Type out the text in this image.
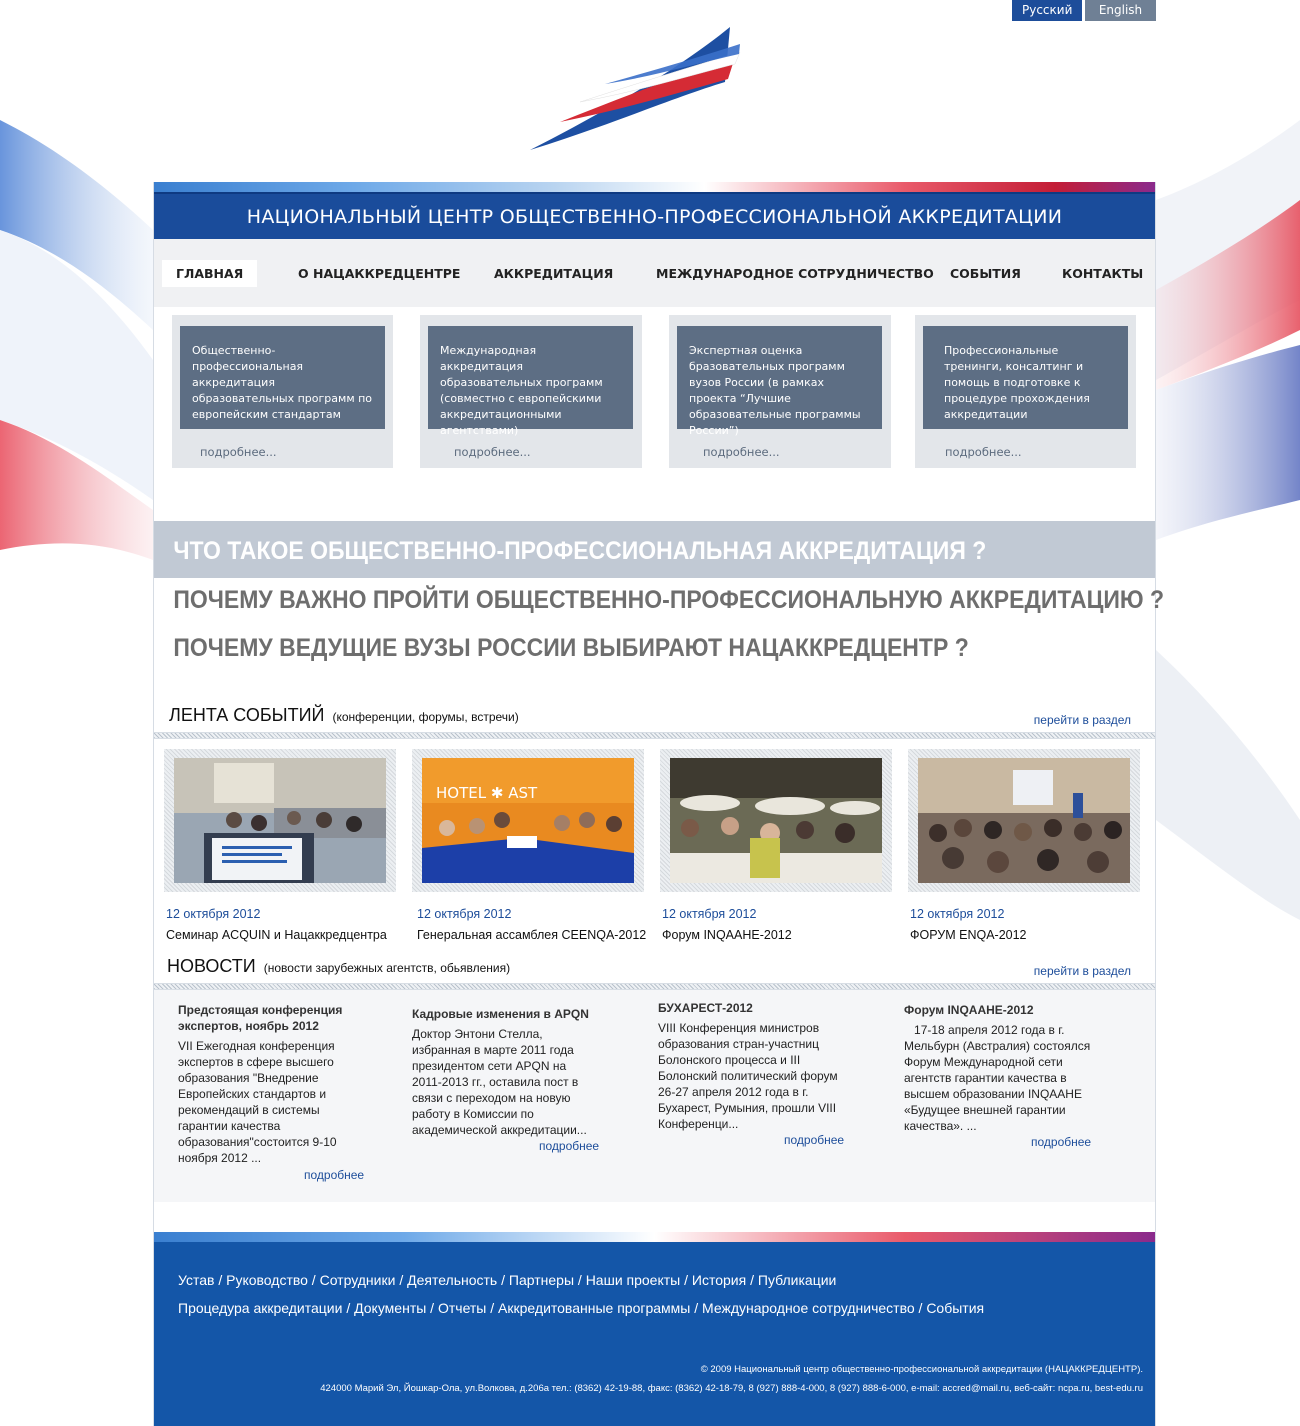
Русский	English
НАЦИОНАЛЬНЫЙ ЦЕНТР ОБЩЕСТВЕННО-ПРОФЕССИОНАЛЬНОЙ АККРЕДИТАЦИИ
ГЛАВНАЯ	О НАЦАККРЕДЦЕНТРЕ	АККРЕДИТАЦИЯ	МЕЖДУНАРОДНОЕ СОТРУДНИЧЕСТВО СОБЫТИЯ	КОНТАКТЫ
Общественно-профессиональная аккредитация образовательных программ по европейским стандартам
подробнее...
Международная аккредитация образовательных программ (совместно с европейскими аккредитационными агентствами)
подробнее...
Экспертная оценка бразовательных программ вузов России (в рамках проекта “Лучшие образовательные программы России”)
подробнее...
Профессиональные тренинги, консалтинг и помощь в подготовке к процедуре прохождения аккредитации
подробнее...
ЧТО ТАКОЕ ОБЩЕСТВЕННО-ПРОФЕССИОНАЛЬНАЯ АККРЕДИТАЦИЯ ?
ПОЧЕМУ ВАЖНО ПРОЙТИ ОБЩЕСТВЕННО-ПРОФЕССИОНАЛЬНУЮ АККРЕДИТАЦИЮ ?
ПОЧЕМУ ВЕДУЩИЕ ВУЗЫ РОССИИ ВЫБИРАЮТ НАЦАККРЕДЦЕНТР ?
ЛЕНТА СОБЫТИЙ (конференции, форумы, встречи)	перейти в раздел
12 октября 2012
Семинар ACQUIN и Нацаккредцентра
HOTEL ✱ AST
12 октября 2012
Генеральная ассамблея CEENQA-2012
12 октября 2012
Форум INQAAHE-2012
12 октября 2012
ФОРУМ ENQA-2012
НОВОСТИ (новости зарубежных агентств, обьявления)	перейти в раздел
Предстоящая конференция экспертов, ноябрь 2012
VII Ежегодная конференция экспертов в сфере высшего образования "Внедрение Европейских стандартов и рекомендаций в системы гарантии качества образования"состоится 9-10 ноября 2012 ...
подробнее
Кадровые изменения в APQN
Доктор Энтони Стелла, избранная в марте 2011 года президентом сети APQN на 2011-2013 гг., оставила пост в связи с переходом на новую работу в Комиссии по академической аккредитации...
подробнее
БУХАРЕСТ-2012
VIII Конференция министров образования стран-участниц Болонского процесса и III Болонский политический форум 26-27 апреля 2012 года в г. Бухарест, Румыния, прошли VIII Конференци...
подробнее
Форум INQAAHE-2012
17-18 апреля 2012 года в г. Мельбурн (Австралия) состоялся Форум Международной сети агентств гарантии качества в высшем образовании INQAAHE «Будущее внешней гарантии качества». ...
подробнее
Устав / Руководство / Сотрудники / Деятельность / Партнеры / Наши проекты / История / Публикации
Процедура аккредитации / Документы / Отчеты / Аккредитованные программы / Международное сотрудничество / События
© 2009 Национальный центр общественно-профессиональной аккредитации (НАЦАККРЕДЦЕНТР).
424000 Марий Эл, Йошкар-Ола, ул.Волкова, д.206а тел.: (8362) 42-19-88, факс: (8362) 42-18-79, 8 (927) 888-4-000, 8 (927) 888-6-000, e-mail: accred@mail.ru, веб-сайт: ncpa.ru, best-edu.ru
